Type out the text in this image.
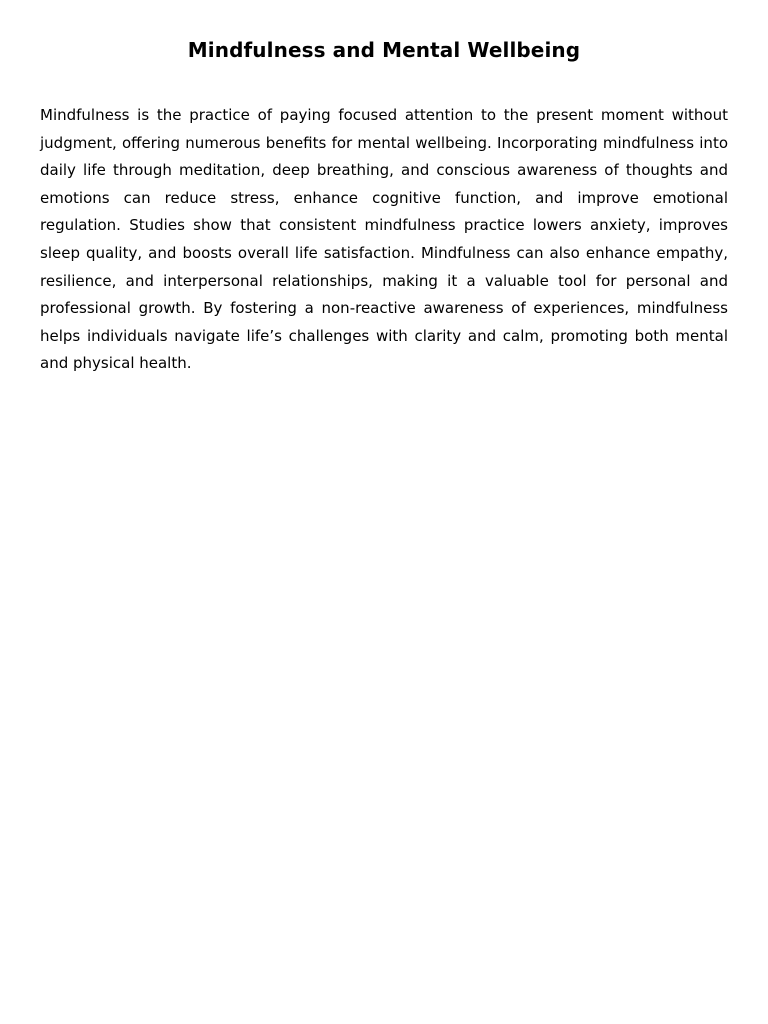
Mindfulness and Mental Wellbeing

Mindfulness is the practice of paying focused attention to the present moment without judgment, offering numerous benefits for mental wellbeing. Incorporating mindfulness into daily life through meditation, deep breathing, and conscious awareness of thoughts and emotions can reduce stress, enhance cognitive function, and improve emotional regulation. Studies show that consistent mindfulness practice lowers anxiety, improves sleep quality, and boosts overall life satisfaction. Mindfulness can also enhance empathy, resilience, and interpersonal relationships, making it a valuable tool for personal and professional growth. By fostering a non-reactive awareness of experiences, mindfulness helps individuals navigate life’s challenges with clarity and calm, promoting both mental and physical health.
